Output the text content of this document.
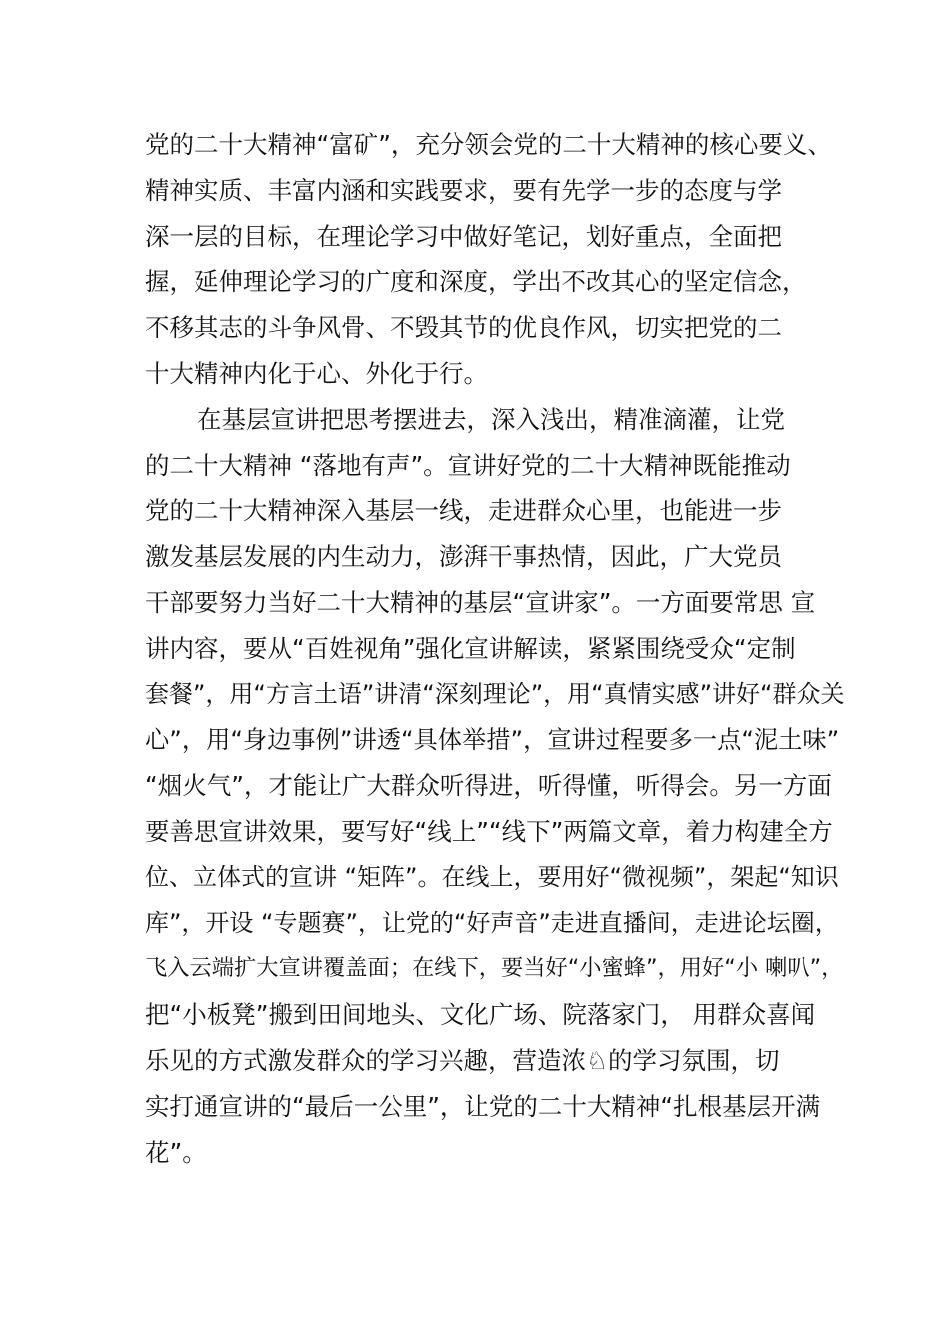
党的二十大精神“富矿”，充分领会党的二十大精神的核心要义、
精神实质、丰富内涵和实践要求，要有先学一步的态度与学
深一层的目标，在理论学习中做好笔记，划好重点，全面把
握，延伸理论学习的广度和深度，学出不改其心的坚定信念，
不移其志的斗争风骨、不毁其节的优良作风，切实把党的二
十大精神内化于心、外化于行。
在基层宣讲把思考摆进去，深入浅出，精准滴灌，让党
的二十大精神 “落地有声”。宣讲好党的二十大精神既能推动
党的二十大精神深入基层一线，走进群众心里，也能进一步
激发基层发展的内生动力，澎湃干事热情，因此，广大党员
干部要努力当好二十大精神的基层“宣讲家”。一方面要常思 宣
讲内容，要从“百姓视角”强化宣讲解读，紧紧围绕受众“定制
套餐”，用“方言土语”讲清“深刻理论”，用“真情实感”讲好“群众关
心”，用“身边事例”讲透“具体举措”，宣讲过程要多一点“泥土味”
“烟火气”，才能让广大群众听得进，听得懂，听得会。另一方面
要善思宣讲效果，要写好“线上”“线下”两篇文章，着力构建全方
位、立体式的宣讲 “矩阵”。在线上，要用好“微视频”，架起“知识
库”，开设 “专题赛”，让党的“好声音”走进直播间，走进论坛圈，
飞入云端扩大宣讲覆盖面；在线下，要当好“小蜜蜂”，用好“小 喇叭”，
把“小板凳”搬到田间地头、文化广场、院落家门， 用群众喜闻
乐见的方式激发群众的学习兴趣，营造浓♘的学习氛围，切
实打通宣讲的“最后一公里”，让党的二十大精神“扎根基层开满
花”。
